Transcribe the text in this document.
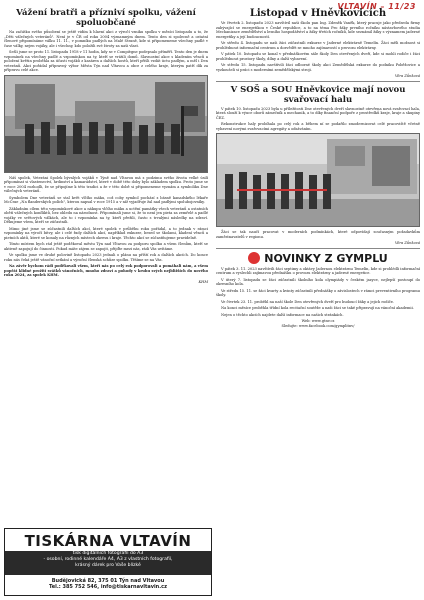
VLTAVÍN – 11/23
Vážení bratři a přízniví spolku, vážení spoluobčané

Na začátku svého působení se ještě vidím k hlavní akci z výročí vzniku spolku v měsíci listopadu a to, že „Děti válečných veteránů". Není je v ČR od roku 2004 významným dnem. Tento den si spolecně a ostatní členové připomínáme válku 11. 11., v pomníku padlých na Malé Straně, kde si připomeneme všechny padlé v čase války, nejen vojáky, ale i všechny, kdo položili své životy za naši vlast.

Sešli jsme se proto 11. listopadu 1918 v 11 hodin, kdy se v Compiègne podepsalo příměří. Tento den je dnem vzpomínek na všechny padlé a vzpomínkou na ty, kteří se vrátili domů. Slavnostní akce s kladením věnců a položení květin proběhla za účasti vojáků z kasáren a dalších hostů, kteří přišli vzdát úctu padlým, a měl i Den veteránů. Akci pořádal přípravný výbor Města Týn nad Vltavou a obce z celého kraje, kterým patří dík za přípravu celé akce.

Náš spolek, Veteráni Spolek bývalých vojáků v Týně nad Vltavou má z podzimu svého života velké úsilí připomínat si vlastenectví, hrdinství a kamarádství, které v době této doby bylo základem spolku. Proto jsme se v roce 2004 rozhodli, že se připojíme k této tradici a že v této době si připomeneme vyznám a symboliku Dne válečných veteránů.

Symbolem Dne veteránů se stal květ vlčího máku, což coby symbol pochází z básně kanadského lékaře McCrae „Na flanderských polích", kterou napsal v roce 1915 a v níž vyjadřuje žal nad padlými spolubojovníky.

Základním cílem této vzpomínkové akce a nákupu vlčího máku a uctění památky všech veteránů a ostatních obětí válečných konfliktů, bez ohledu na národnost. Připomínali jsme si, že to není jen pieta za zemřelé a padlé vojáky ve světových válkách, ale to i vzpomínka na ty, kteří přežili, často s trvalými následky na zdraví. Děkujeme všem, kteří se zúčastnili.

Mimo jiné jsme se zúčastnili dalších akcí, které spolek v průběhu roku pořádal, a to jednak v rámci vzpomínky na výročí bitvy, ale i celé řady dalších akcí, například exkurze, besed se školami, kladení věnců a pietních aktů, které se konaly na různých místech okresu i kraje. Těchto akcí se zúčastňujeme pravidelně.

Tímto místem bych rád ještě poděkoval městu Týn nad Vltavou za podporu spolku a všem členům, kteří se aktivně zapojují do činnosti. Pokud máte zájem se zapojit, přijďte mezi nás, rádi Vás uvítáme.

Ve spolku jsme ve druhé polovině listopadu 2023 jednali o plánu na příští rok a dalších akcích. Do konce roku nás čeká ještě vánoční setkání a výroční členská schůze spolku. Těšíme se na Vás.

Na závěr bychom rádi poděkovali všem, kteří nás po celý rok podporovali a pomáhali nám, a všem popřát klidné prožití svátků vánočních, mnoho zdraví a pohody v kruhu svých nejbližších do nového roku 2024, za spolek KHM.

KHM
TISKÁRNA VLTAVÍN
tisk digitálních fotografií do A3
- osobní, rodinné kalendáře A4, A3 z vlastních fotografií,
krásný dárek pro Vaše blízké
Budějovická 82, 375 01 Týn nad Vltavou
Tel.: 385 752 546, info@tiskarnavltavin.cz
Listopad v Hněvkovicích

Ve čtvrtek 2. listopadu 2023 navštívil naši školu pan Ing. Zdeněk Vaněk, který pracuje jako předseda firmy zabývající se energetikou v České republice, a to na téma Pro žáky prvního ročníku nástavbového studia Mechanizace zemědělství a lesního hospodářství a žáky třetích ročníků, kde seznámil žáky s významem jaderné energetiky a její budoucností.

Ve středu 4. listopadu se naši žáci zúčastnili exkurze v Jaderné elektrárně Temelín. Žáci měli možnost si prohlédnout informační centrum a dozvědět se mnoho zajímavostí o provozu elektrárny.

V pátek 10. listopadu se konal v přednáškovém sále školy Den otevřených dveří, kde si mohli rodiče i žáci prohlédnout prostory školy, dílny a další vybavení.

Ve středu 15. listopadu navštívili žáci odborné školy akci Zemědělská exkurze do podniku Poběžovice a vyzkoušeli si práci s moderními zemědělskými stroji.

Věra Zůnková
V SOŠ a SOU Hněvkovice mají novou svařovací halu

V pátek 10. listopadu 2023 byla u příležitosti Dne otevřených dveří slavnostně otevřena nová svařovací hala, která slouží k výuce oborů zámečník a mechanik, a to díky finanční podpoře z prostředků kraje, kraje a skupiny ČEZ.

Rekonstrukce haly probíhala po celý rok a během ní se podařilo zmodernizovat celé pracoviště včetně vybavení novými svařovacími agregáty a odsáváním.

Žáci se tak naučí pracovat v moderních podmínkách, které odpovídají současným požadavkům zaměstnavatelů v regionu.

Věra Zůnková
NOVINKY Z GYMPLU

V pátek 3. 11. 2023 navštívili žáci septimy a oktávy Jadernou elektrárnu Temelín, kde si prohlédli informační centrum a vyslechli zajímavou přednášku o provozu elektrárny a jaderné energetice.

V úterý 7. listopadu se žáci zúčastnili školního kola olympiády v českém jazyce, nejlepší postoupí do okresního kola.

Ve středu 15. 11. se žáci kvarty a kvinty zúčastnili přednášky o závislostech v rámci preventivního programu školy.

Ve čtvrtek 23. 11. proběhl na naší škole Den otevřených dveří pro budoucí žáky a jejich rodiče.

Na konci měsíce proběhla třídní kola recitační soutěže a naši žáci se také připravují na vánoční akademii.

Nejen o těchto akcích najdete další informace na našich stránkách.

Web: www.gtnv.cz
Sledujte: www.facebook.com/gymplitnv/
